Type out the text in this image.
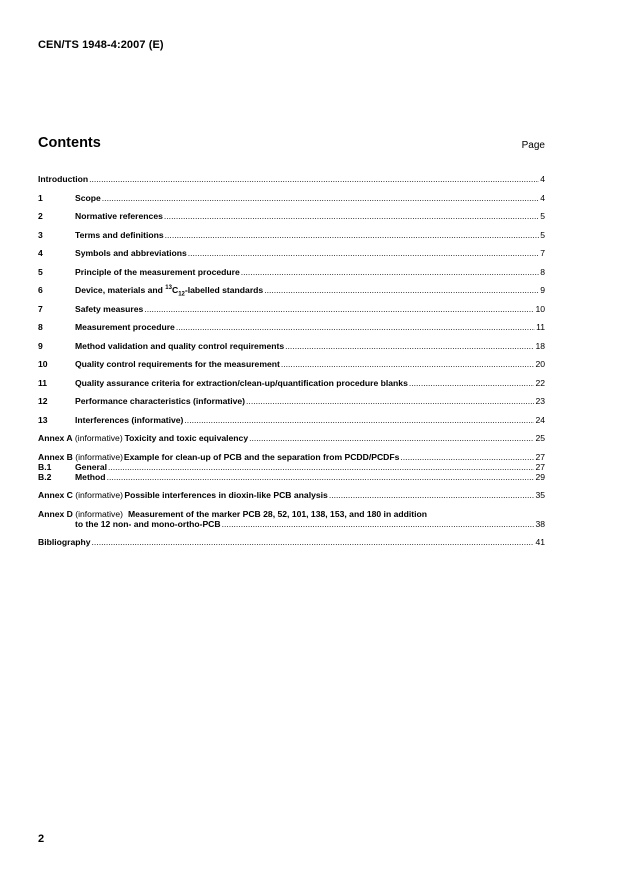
CEN/TS 1948-4:2007 (E)
Contents	Page
Introduction .....	4
1	Scope .....	4
2	Normative references .....	5
3	Terms and definitions .....	5
4	Symbols and abbreviations .....	7
5	Principle of the measurement procedure .....	8
6	Device, materials and $^{13}C_{12}$-labelled standards .....	9
7	Safety measures .....	10
8	Measurement procedure .....	11
9	Method validation and quality control requirements .....	18
10	Quality control requirements for the measurement .....	20
11	Quality assurance criteria for extraction/clean-up/quantification procedure blanks .....	22
12	Performance characteristics (informative) .....	23
13	Interferences (informative) .....	24
Annex A (informative) Toxicity and toxic equivalency .....	25
Annex B (informative) Example for clean-up of PCB and the separation from PCDD/PCDFs .....	27
B.1	General .....	27
B.2	Method .....	29
Annex C (informative) Possible interferences in dioxin-like PCB analysis .....	35
Annex D (informative) Measurement of the marker PCB 28, 52, 101, 138, 153, and 180 in addition
to the 12 non- and mono-ortho-PCB .....	38
Bibliography .....	41
2
